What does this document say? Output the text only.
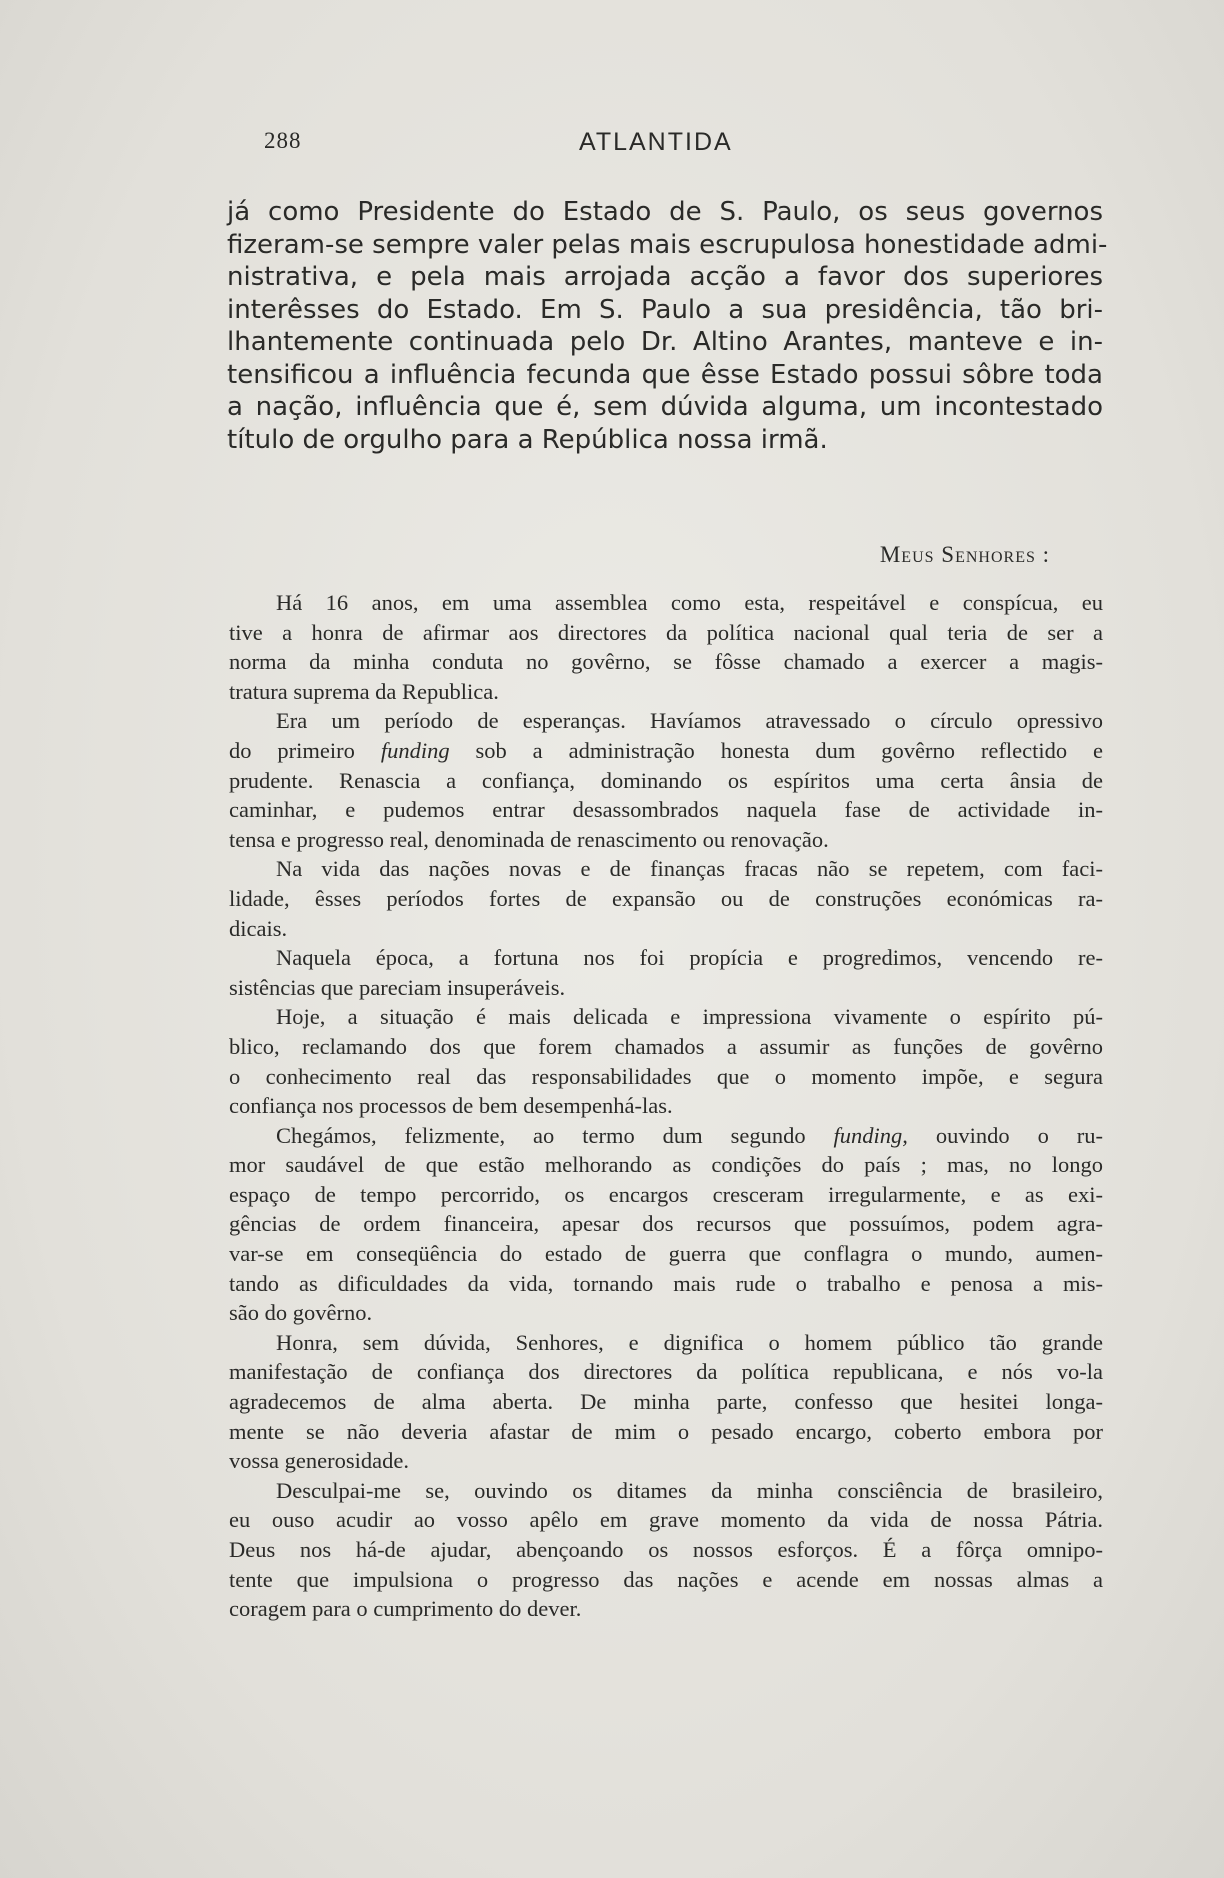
288	ATLANTIDA
já como Presidente do Estado de S. Paulo, os seus governos
fizeram-se sempre valer pelas mais escrupulosa honestidade admi-
nistrativa, e pela mais arrojada acção a favor dos superiores
interêsses do Estado. Em S. Paulo a sua presidência, tão bri-
lhantemente continuada pelo Dr. Altino Arantes, manteve e in-
tensificou a influência fecunda que êsse Estado possui sôbre toda
a nação, influência que é, sem dúvida alguma, um incontestado
título de orgulho para a República nossa irmã.
Meus Senhores :
Há 16 anos, em uma assemblea como esta, respeitável e conspícua, eu
tive a honra de afirmar aos directores da política nacional qual teria de ser a
norma da minha conduta no govêrno, se fôsse chamado a exercer a magis-
tratura suprema da Republica.
Era um período de esperanças. Havíamos atravessado o círculo opressivo
do primeiro funding sob a administração honesta dum govêrno reflectido e
prudente. Renascia a confiança, dominando os espíritos uma certa ânsia de
caminhar, e pudemos entrar desassombrados naquela fase de actividade in-
tensa e progresso real, denominada de renascimento ou renovação.
Na vida das nações novas e de finanças fracas não se repetem, com faci-
lidade, êsses períodos fortes de expansão ou de construções económicas ra-
dicais.
Naquela época, a fortuna nos foi propícia e progredimos, vencendo re-
sistências que pareciam insuperáveis.
Hoje, a situação é mais delicada e impressiona vivamente o espírito pú-
blico, reclamando dos que forem chamados a assumir as funções de govêrno
o conhecimento real das responsabilidades que o momento impõe, e segura
confiança nos processos de bem desempenhá-las.
Chegámos, felizmente, ao termo dum segundo funding, ouvindo o ru-
mor saudável de que estão melhorando as condições do país ; mas, no longo
espaço de tempo percorrido, os encargos cresceram irregularmente, e as exi-
gências de ordem financeira, apesar dos recursos que possuímos, podem agra-
var-se em conseqüência do estado de guerra que conflagra o mundo, aumen-
tando as dificuldades da vida, tornando mais rude o trabalho e penosa a mis-
são do govêrno.
Honra, sem dúvida, Senhores, e dignifica o homem público tão grande
manifestação de confiança dos directores da política republicana, e nós vo-la
agradecemos de alma aberta. De minha parte, confesso que hesitei longa-
mente se não deveria afastar de mim o pesado encargo, coberto embora por
vossa generosidade.
Desculpai-me se, ouvindo os ditames da minha consciência de brasileiro,
eu ouso acudir ao vosso apêlo em grave momento da vida de nossa Pátria.
Deus nos há-de ajudar, abençoando os nossos esforços. É a fôrça omnipo-
tente que impulsiona o progresso das nações e acende em nossas almas a
coragem para o cumprimento do dever.
